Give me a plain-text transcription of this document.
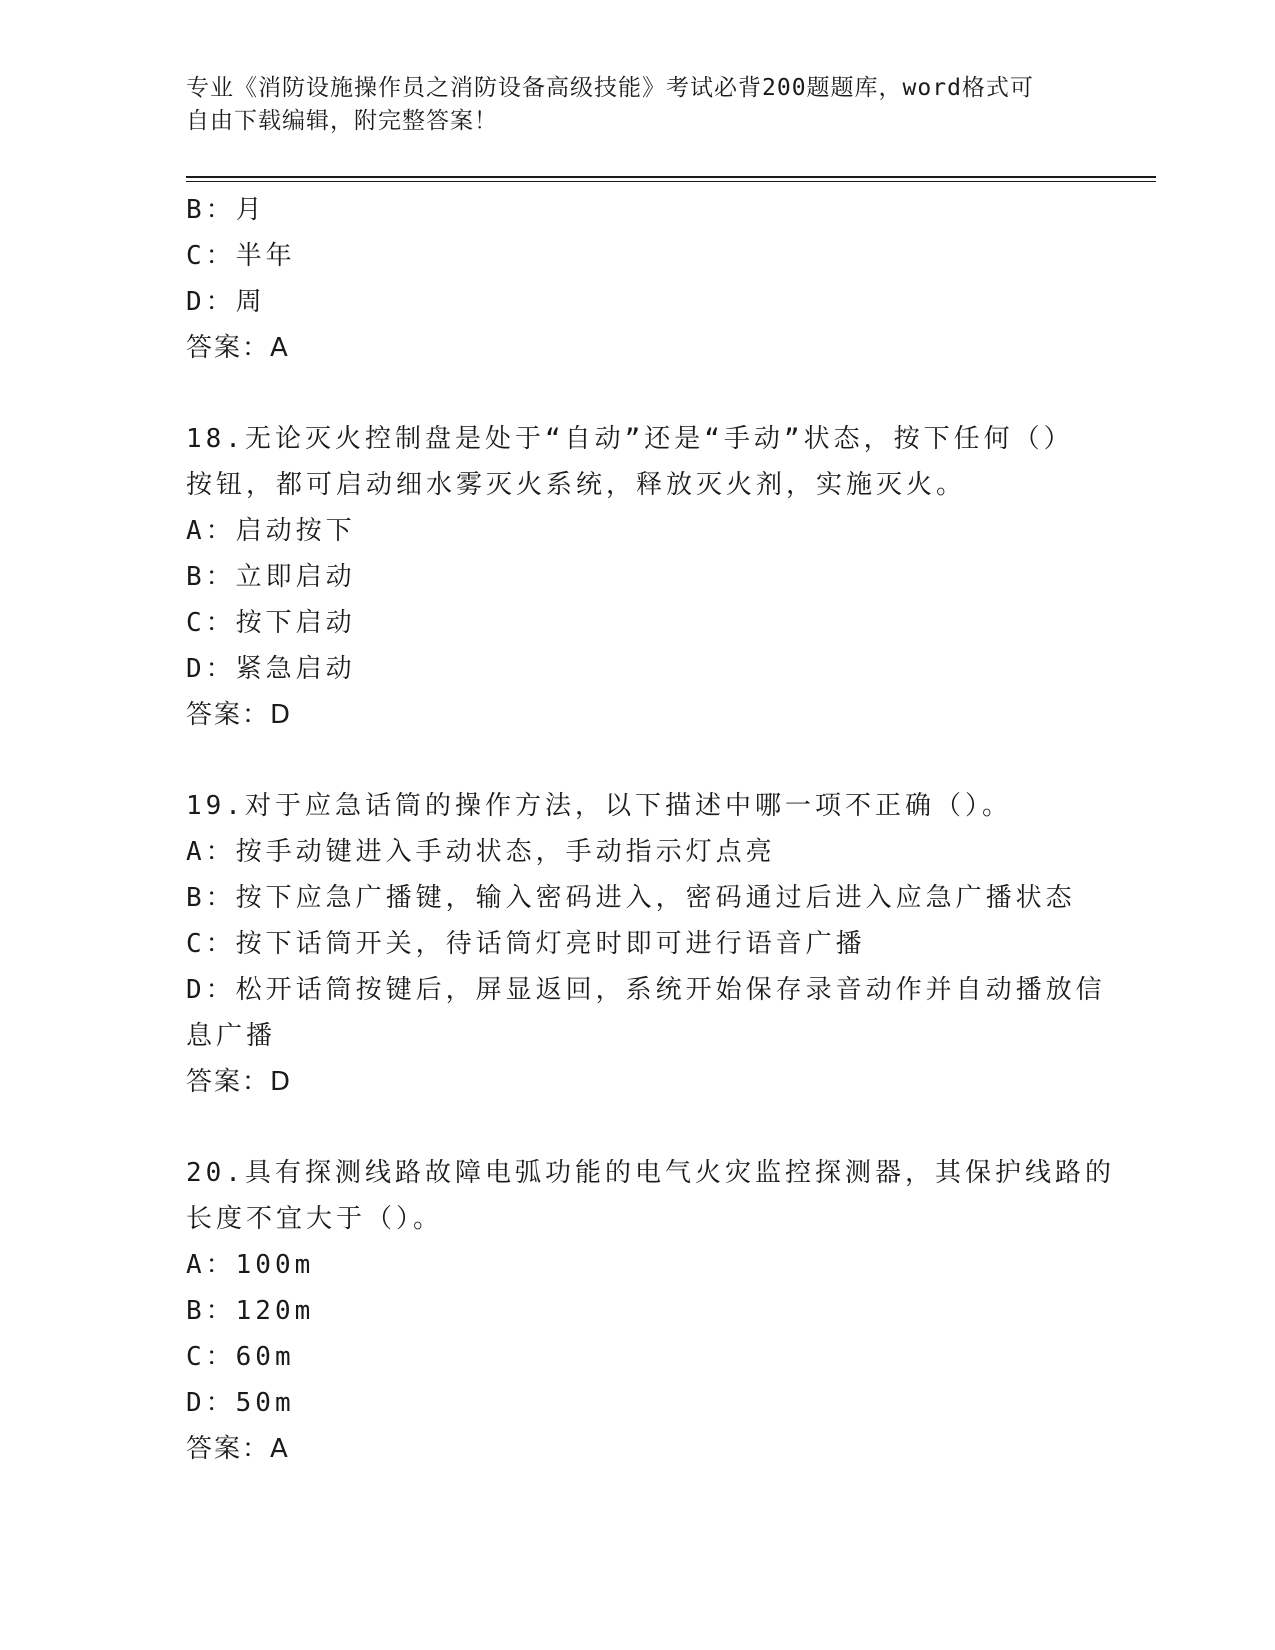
专业《消防设施操作员之消防设备高级技能》考试必背200题题库，word格式可
自由下载编辑，附完整答案！
B：月
C：半年
D：周
答案：A
18.无论灭火控制盘是处于“自动”还是“手动”状态，按下任何（）
按钮，都可启动细水雾灭火系统，释放灭火剂，实施灭火。
A：启动按下
B：立即启动
C：按下启动
D：紧急启动
答案：D
19.对于应急话筒的操作方法，以下描述中哪一项不正确（）。
A：按手动键进入手动状态，手动指示灯点亮
B：按下应急广播键，输入密码进入，密码通过后进入应急广播状态
C：按下话筒开关，待话筒灯亮时即可进行语音广播
D：松开话筒按键后，屏显返回，系统开始保存录音动作并自动播放信
息广播
答案：D
20.具有探测线路故障电弧功能的电气火灾监控探测器，其保护线路的
长度不宜大于（）。
A：100m
B：120m
C：60m
D：50m
答案：A
